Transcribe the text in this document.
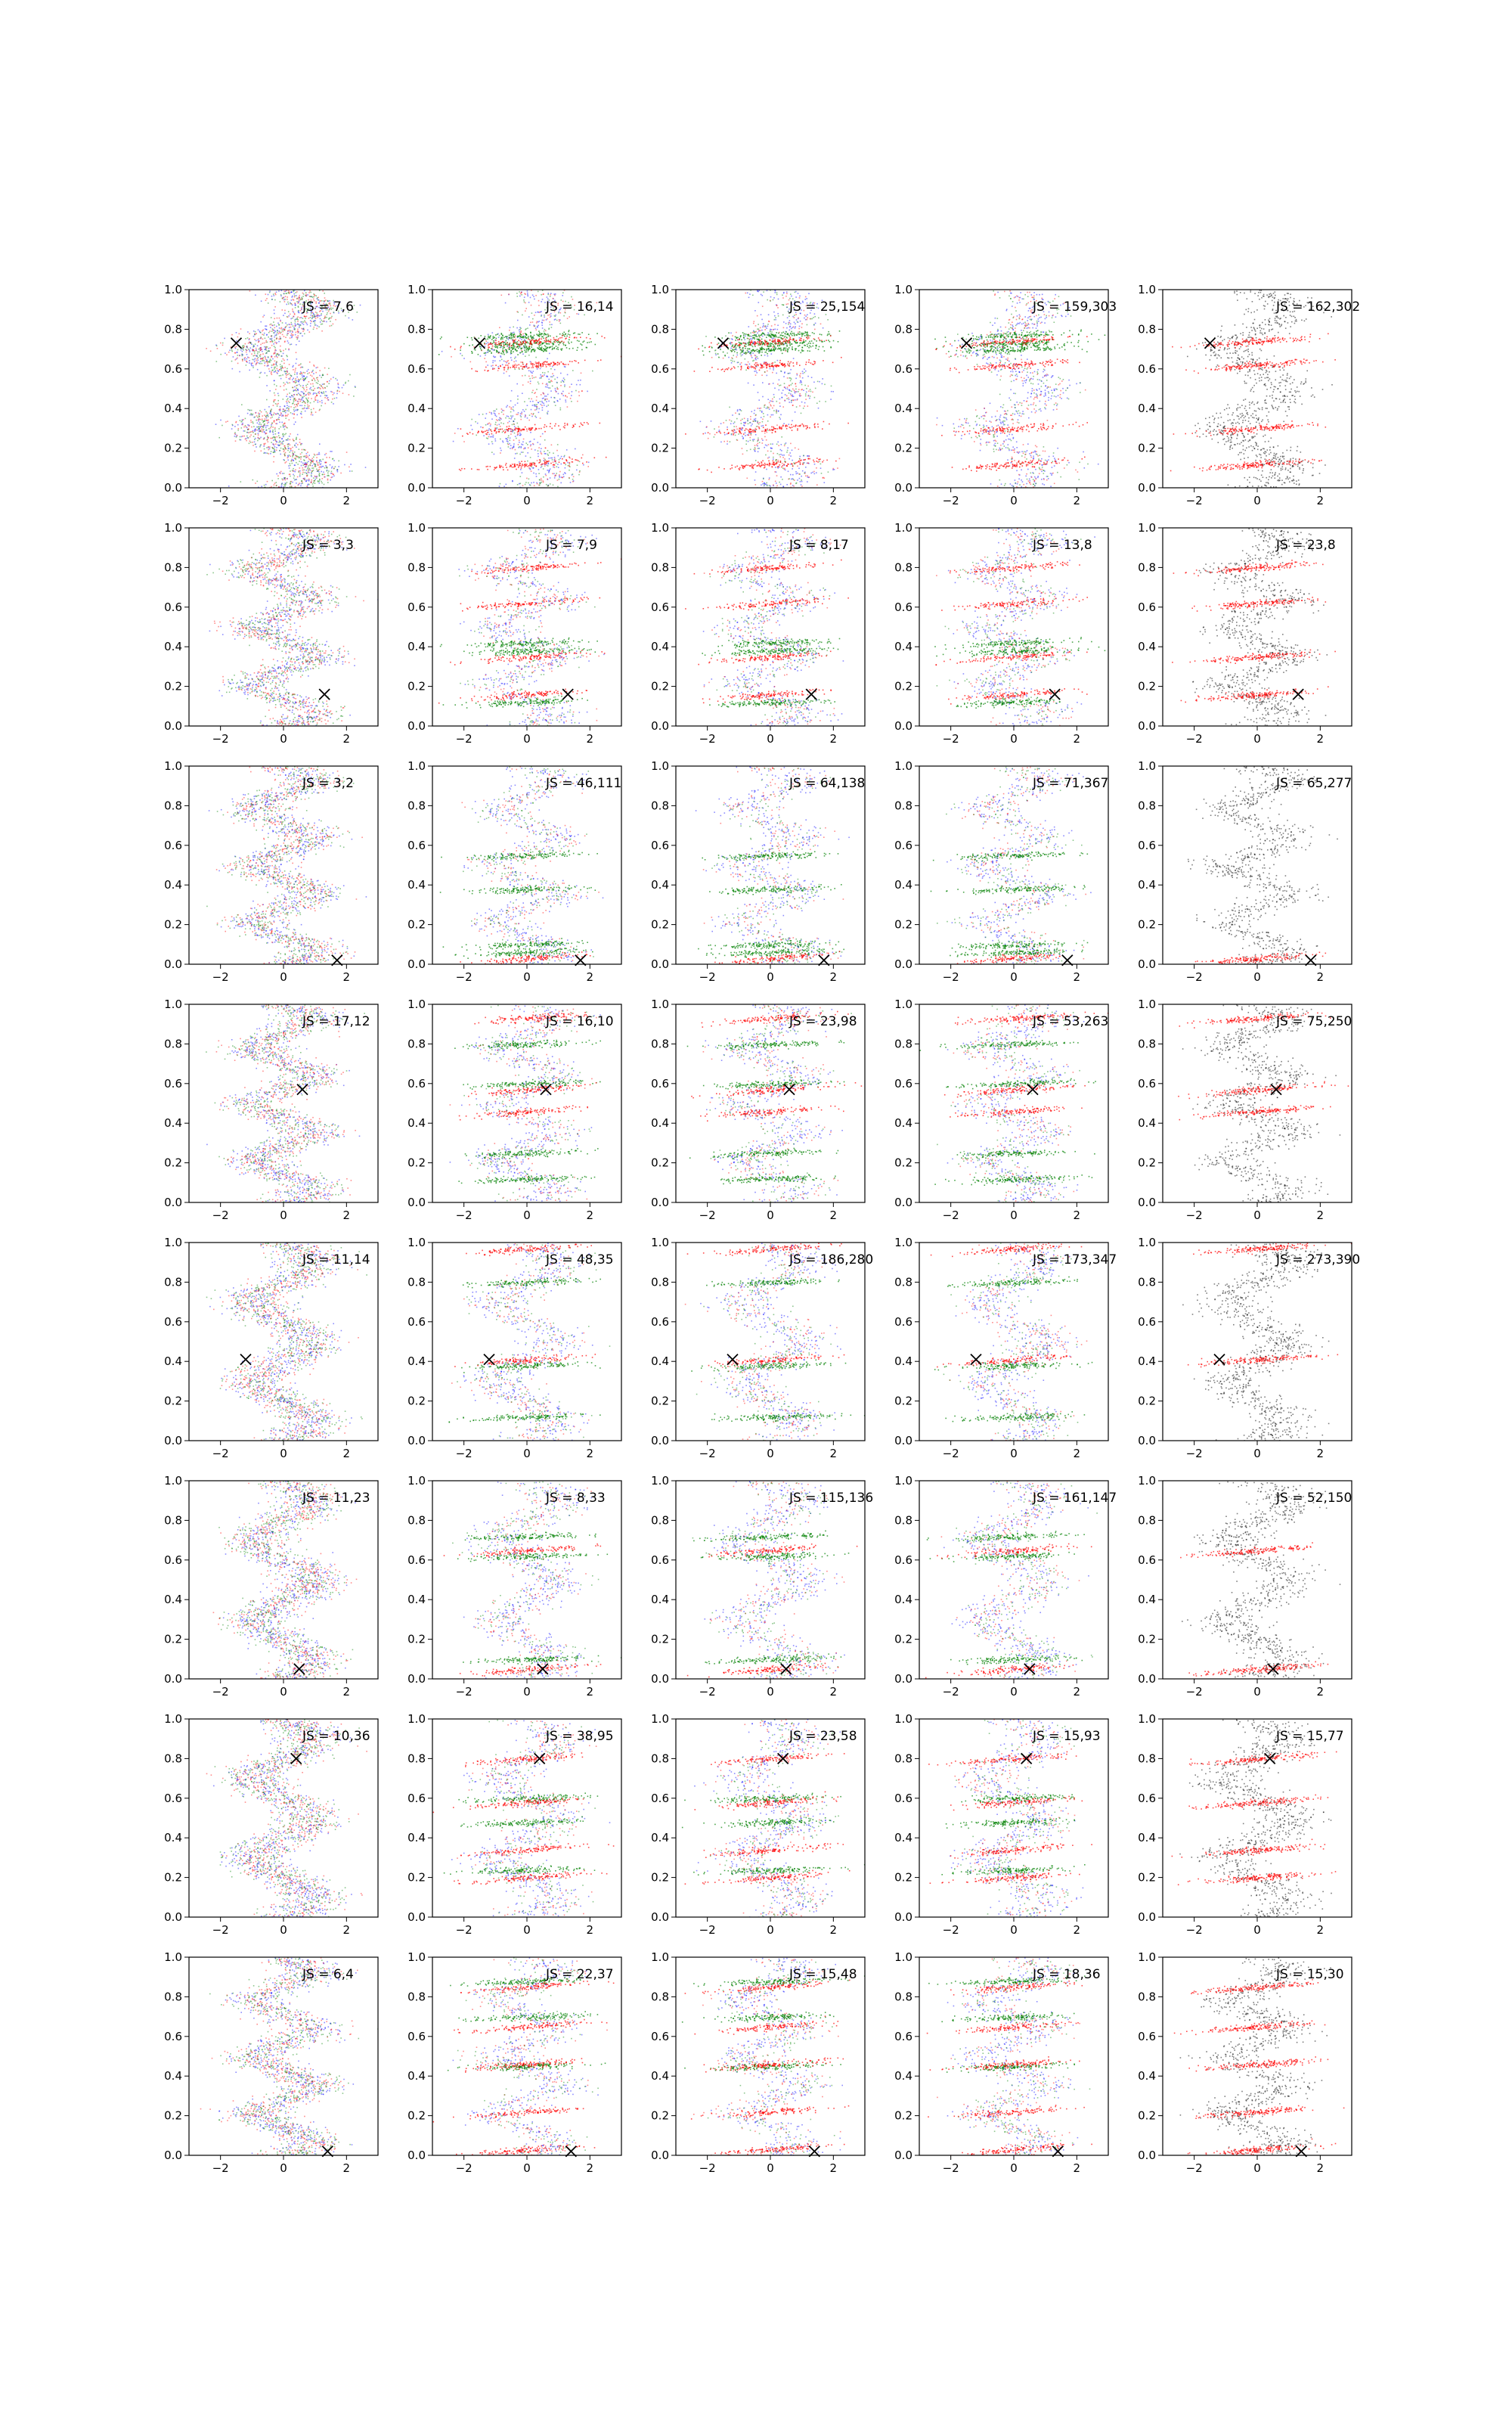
−2	0	2
0.0
0.2
0.4
0.6
0.8
1.0
JS = 7,6
−2	0	2
0.0
0.2
0.4
0.6
0.8
1.0
JS = 16,14
−2	0	2
0.0
0.2
0.4
0.6
0.8
1.0
JS = 25,154
−2	0	2
0.0
0.2
0.4
0.6
0.8
1.0
JS = 159,303
−2	0	2
0.0
0.2
0.4
0.6
0.8
1.0
JS = 162,302
−2	0	2
0.0
0.2
0.4
0.6
0.8
1.0
JS = 3,3
−2	0	2
0.0
0.2
0.4
0.6
0.8
1.0
JS = 7,9
−2	0	2
0.0
0.2
0.4
0.6
0.8
1.0
JS = 8,17
−2	0	2
0.0
0.2
0.4
0.6
0.8
1.0
JS = 13,8
−2	0	2
0.0
0.2
0.4
0.6
0.8
1.0
JS = 23,8
−2	0	2
0.0
0.2
0.4
0.6
0.8
1.0
JS = 3,2
−2	0	2
0.0
0.2
0.4
0.6
0.8
1.0
JS = 46,111
−2	0	2
0.0
0.2
0.4
0.6
0.8
1.0
JS = 64,138
−2	0	2
0.0
0.2
0.4
0.6
0.8
1.0
JS = 71,367
−2	0	2
0.0
0.2
0.4
0.6
0.8
1.0
JS = 65,277
−2	0	2
0.0
0.2
0.4
0.6
0.8
1.0
JS = 17,12
−2	0	2
0.0
0.2
0.4
0.6
0.8
1.0
JS = 16,10
−2	0	2
0.0
0.2
0.4
0.6
0.8
1.0
JS = 23,98
−2	0	2
0.0
0.2
0.4
0.6
0.8
1.0
JS = 53,263
−2	0	2
0.0
0.2
0.4
0.6
0.8
1.0
JS = 75,250
−2	0	2
0.0
0.2
0.4
0.6
0.8
1.0
JS = 11,14
−2	0	2
0.0
0.2
0.4
0.6
0.8
1.0
JS = 48,35
−2	0	2
0.0
0.2
0.4
0.6
0.8
1.0
JS = 186,280
−2	0	2
0.0
0.2
0.4
0.6
0.8
1.0
JS = 173,347
−2	0	2
0.0
0.2
0.4
0.6
0.8
1.0
JS = 273,390
−2	0	2
0.0
0.2
0.4
0.6
0.8
1.0
JS = 11,23
−2	0	2
0.0
0.2
0.4
0.6
0.8
1.0
JS = 8,33
−2	0	2
0.0
0.2
0.4
0.6
0.8
1.0
JS = 115,136
−2	0	2
0.0
0.2
0.4
0.6
0.8
1.0
JS = 161,147
−2	0	2
0.0
0.2
0.4
0.6
0.8
1.0
JS = 52,150
−2	0	2
0.0
0.2
0.4
0.6
0.8
1.0
JS = 10,36
−2	0	2
0.0
0.2
0.4
0.6
0.8
1.0
JS = 38,95
−2	0	2
0.0
0.2
0.4
0.6
0.8
1.0
JS = 23,58
−2	0	2
0.0
0.2
0.4
0.6
0.8
1.0
JS = 15,93
−2	0	2
0.0
0.2
0.4
0.6
0.8
1.0
JS = 15,77
−2	0	2
0.0
0.2
0.4
0.6
0.8
1.0
JS = 6,4
−2	0	2
0.0
0.2
0.4
0.6
0.8
1.0
JS = 22,37
−2	0	2
0.0
0.2
0.4
0.6
0.8
1.0
JS = 15,48
−2	0	2
0.0
0.2
0.4
0.6
0.8
1.0
JS = 18,36
−2	0	2
0.0
0.2
0.4
0.6
0.8
1.0
JS = 15,30
